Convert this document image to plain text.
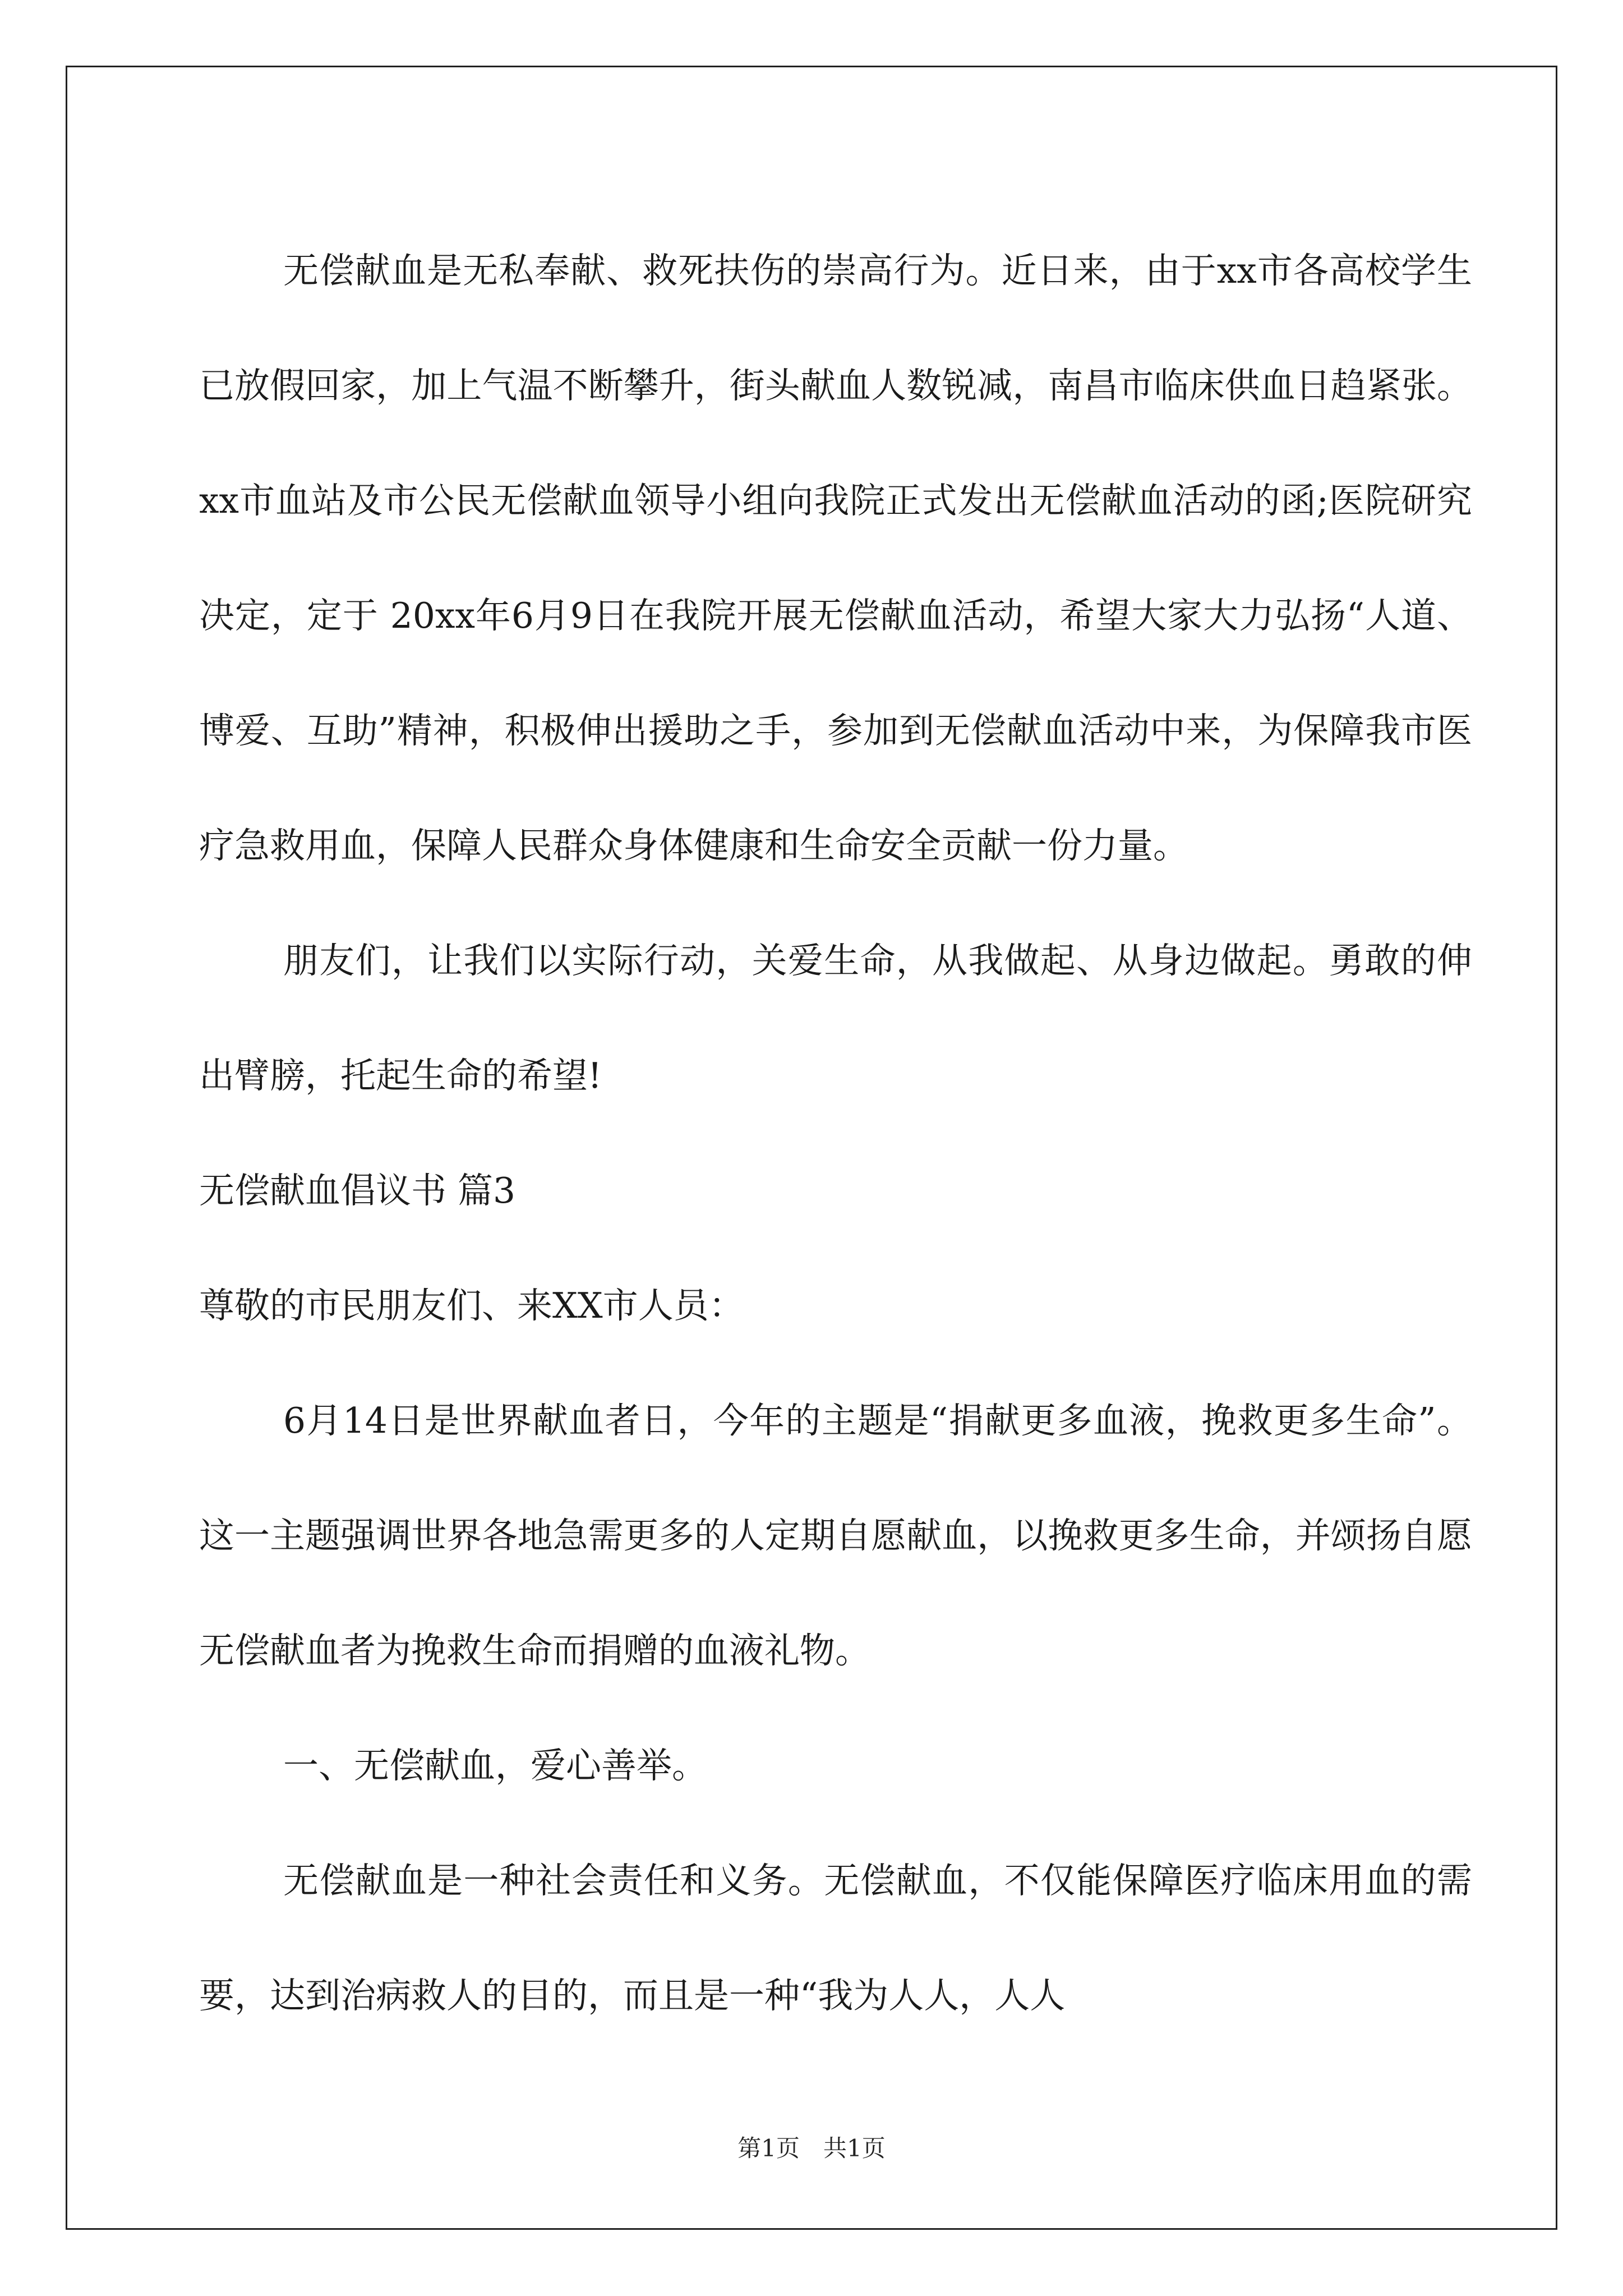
无偿献血是无私奉献、救死扶伤的崇高行为。近日来，由于xx市各高校学生已放假回家，加上气温不断攀升，街头献血人数锐减，南昌市临床供血日趋紧张。xx市血站及市公民无偿献血领导小组向我院正式发出无偿献血活动的函;医院研究决定，定于 20xx年6月9日在我院开展无偿献血活动，希望大家大力弘扬“人道、博爱、互助”精神，积极伸出援助之手，参加到无偿献血活动中来，为保障我市医疗急救用血，保障人民群众身体健康和生命安全贡献一份力量。

朋友们，让我们以实际行动，关爱生命，从我做起、从身边做起。勇敢的伸出臂膀，托起生命的希望!

无偿献血倡议书 篇3

尊敬的市民朋友们、来XX市人员：

6月14日是世界献血者日，今年的主题是“捐献更多血液，挽救更多生命”。这一主题强调世界各地急需更多的人定期自愿献血，以挽救更多生命，并颂扬自愿无偿献血者为挽救生命而捐赠的血液礼物。

一、无偿献血，爱心善举。

无偿献血是一种社会责任和义务。无偿献血，不仅能保障医疗临床用血的需要，达到治病救人的目的，而且是一种“我为人人，人人

第1页　共1页
